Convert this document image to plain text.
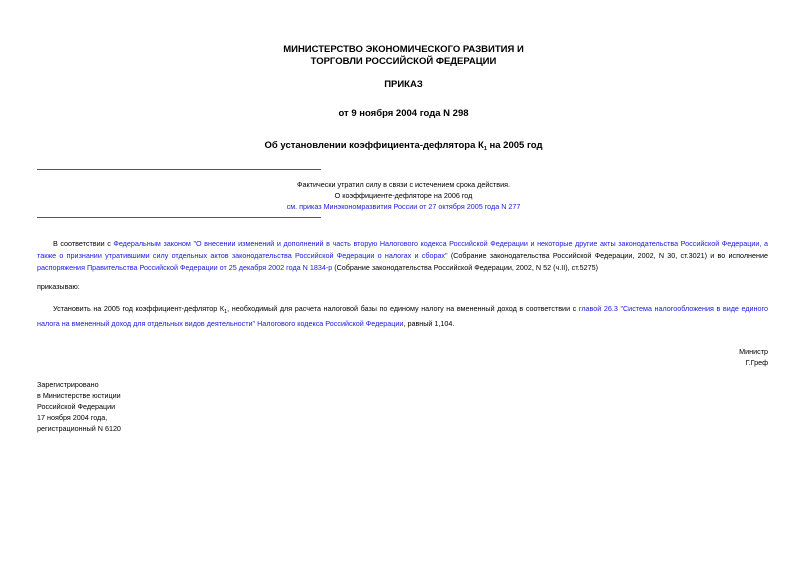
МИНИСТЕРСТВО ЭКОНОМИЧЕСКОГО РАЗВИТИЯ И
ТОРГОВЛИ РОССИЙСКОЙ ФЕДЕРАЦИИ
ПРИКАЗ
от 9 ноября 2004 года N 298
Об установлении коэффициента-дефлятора $К_1$ на 2005 год
Фактически утратил силу в связи с истечением срока действия.
О коэффициенте-дефляторе на 2006 год
см. приказ Минэкономразвития России от 27 октября 2005 года N 277
В соответствии с Федеральным законом "О внесении изменений и дополнений в часть вторую Налогового кодекса Российской Федерации и некоторые другие акты законодательства Российской Федерации, а также о признании утратившими силу отдельных актов законодательства Российской Федерации о налогах и сборах" (Собрание законодательства Российской Федерации, 2002, N 30, ст.3021) и во исполнение распоряжения Правительства Российской Федерации от 25 декабря 2002 года N 1834-р (Собрание законодательства Российской Федерации, 2002, N 52 (ч.II), ст.5275)
приказываю:
Установить на 2005 год коэффициент-дефлятор $К_1$, необходимый для расчета налоговой базы по единому налогу на вмененный доход в соответствии с главой 26.3 "Система налогообложения в виде единого налога на вмененный доход для отдельных видов деятельности" Налогового кодекса Российской Федерации, равный 1,104.
Министр
Г.Греф
Зарегистрировано
в Министерстве юстиции
Российской Федерации
17 ноября 2004 года,
регистрационный N 6120
